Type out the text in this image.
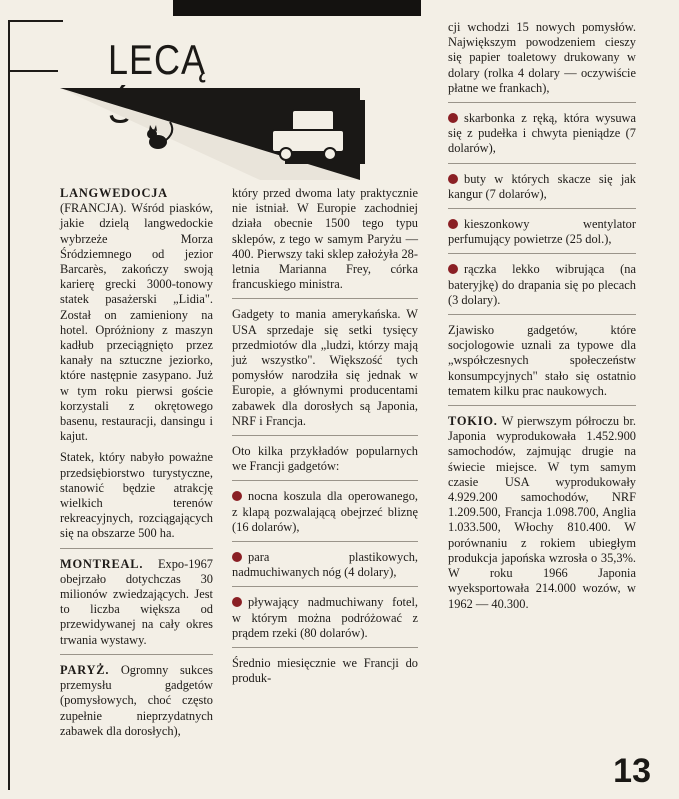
LECĄ

LANGWEDOCJA (FRANCJA). Wśród piasków, jakie dzielą langwedockie wybrzeże Morza Śródziemnego od jezior Barcarès, zakończy swoją karierę grecki 3000-tonowy statek pasażerski „Lidia". Został on zamieniony na hotel. Opróżniony z maszyn kadłub przeciągnięto przez kanały na sztuczne jeziorko, które następnie zasypano. Już w tym roku pierwsi goście korzystali z okrętowego basenu, restauracji, dansingu i kajut.

Statek, który nabyło poważne przedsiębiorstwo turystyczne, stanowić będzie atrakcję wielkich terenów rekreacyjnych, rozciągających się na obszarze 500 ha.

MONTREAL. Expo-1967 obejrzało dotychczas 30 milionów zwiedzających. Jest to liczba większa od przewidywanej na cały okres trwania wystawy.

PARYŻ. Ogromny sukces przemysłu gadgetów (pomysłowych, choć często zupełnie nieprzydatnych zabawek dla dorosłych),

który przed dwoma laty praktycznie nie istniał. W Europie zachodniej działa obecnie 1500 tego typu sklepów, z tego w samym Paryżu — 400. Pierwszy taki sklep założyła 28-letnia Marianna Frey, córka francuskiego ministra.

Gadgety to mania amerykańska. W USA sprzedaje się setki tysięcy przedmiotów dla „ludzi, którzy mają już wszystko". Większość tych pomysłów narodziła się jednak w Europie, a głównymi producentami zabawek dla dorosłych są Japonia, NRF i Francja.

Oto kilka przykładów popularnych we Francji gadgetów:

nocna koszula dla operowanego, z klapą pozwalającą obejrzeć bliznę (16 dolarów),

para plastikowych, nadmuchiwanych nóg (4 dolary),

pływający nadmuchiwany fotel, w którym można podróżować z prądem rzeki (80 dolarów).

Średnio miesięcznie we Francji do produk-

cji wchodzi 15 nowych pomysłów. Największym powodzeniem cieszy się papier toaletowy drukowany w dolary (rolka 4 dolary — oczywiście płatne we frankach),

skarbonka z ręką, która wysuwa się z pudełka i chwyta pieniądze (7 dolarów),

buty w których skacze się jak kangur (7 dolarów),

kieszonkowy wentylator perfumujący powietrze (25 dol.),

rączka lekko wibrująca (na bateryjkę) do drapania się po plecach (3 dolary).

Zjawisko gadgetów, które socjologowie uznali za typowe dla „współczesnych społeczeństw konsumpcyjnych" stało się ostatnio tematem kilku prac naukowych.

TOKIO. W pierwszym półroczu br. Japonia wyprodukowała 1.452.900 samochodów, zajmując drugie na świecie miejsce. W tym samym czasie USA wyprodukowały 4.929.200 samochodów, NRF 1.209.500, Francja 1.098.700, Anglia 1.033.500, Włochy 810.400. W porównaniu z rokiem ubiegłym produkcja japońska wzrosła o 35,3%. W roku 1966 Japonia wyeksportowała 214.000 wozów, w 1962 — 40.300.

13
